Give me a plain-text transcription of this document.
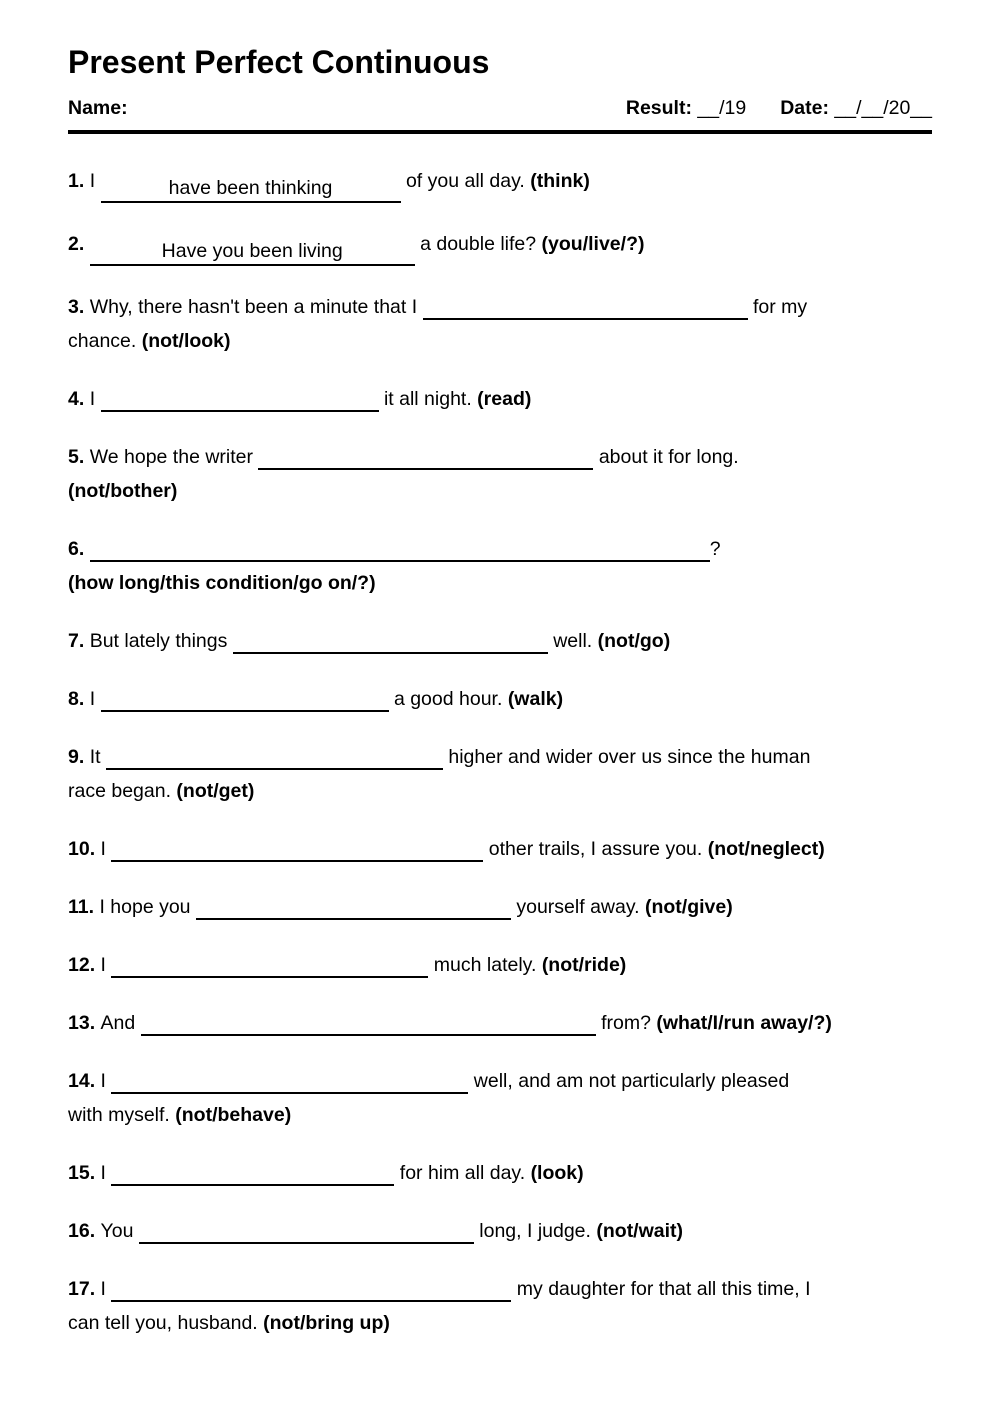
Present Perfect Continuous
Name:	Result: __/19 Date: __/__/20__

1. I	have been thinking	of you all day. (think)

2.	Have you been living	a double life? (you/live/?)

3. Why, there hasn't been a minute that I	for my
chance. (not/look)

4. I	it all night. (read)

5. We hope the writer	about it for long.
(not/bother)

6.	?
(how long/this condition/go on/?)

7. But lately things	well. (not/go)

8. I	a good hour. (walk)

9. It	higher and wider over us since the human
race began. (not/get)

10. I	other trails, I assure you. (not/neglect)

11. I hope you	yourself away. (not/give)

12. I	much lately. (not/ride)

13. And	from? (what/I/run away/?)

14. I	well, and am not particularly pleased
with myself. (not/behave)

15. I	for him all day. (look)

16. You	long, I judge. (not/wait)

17. I	my daughter for that all this time, I
can tell you, husband. (not/bring up)
